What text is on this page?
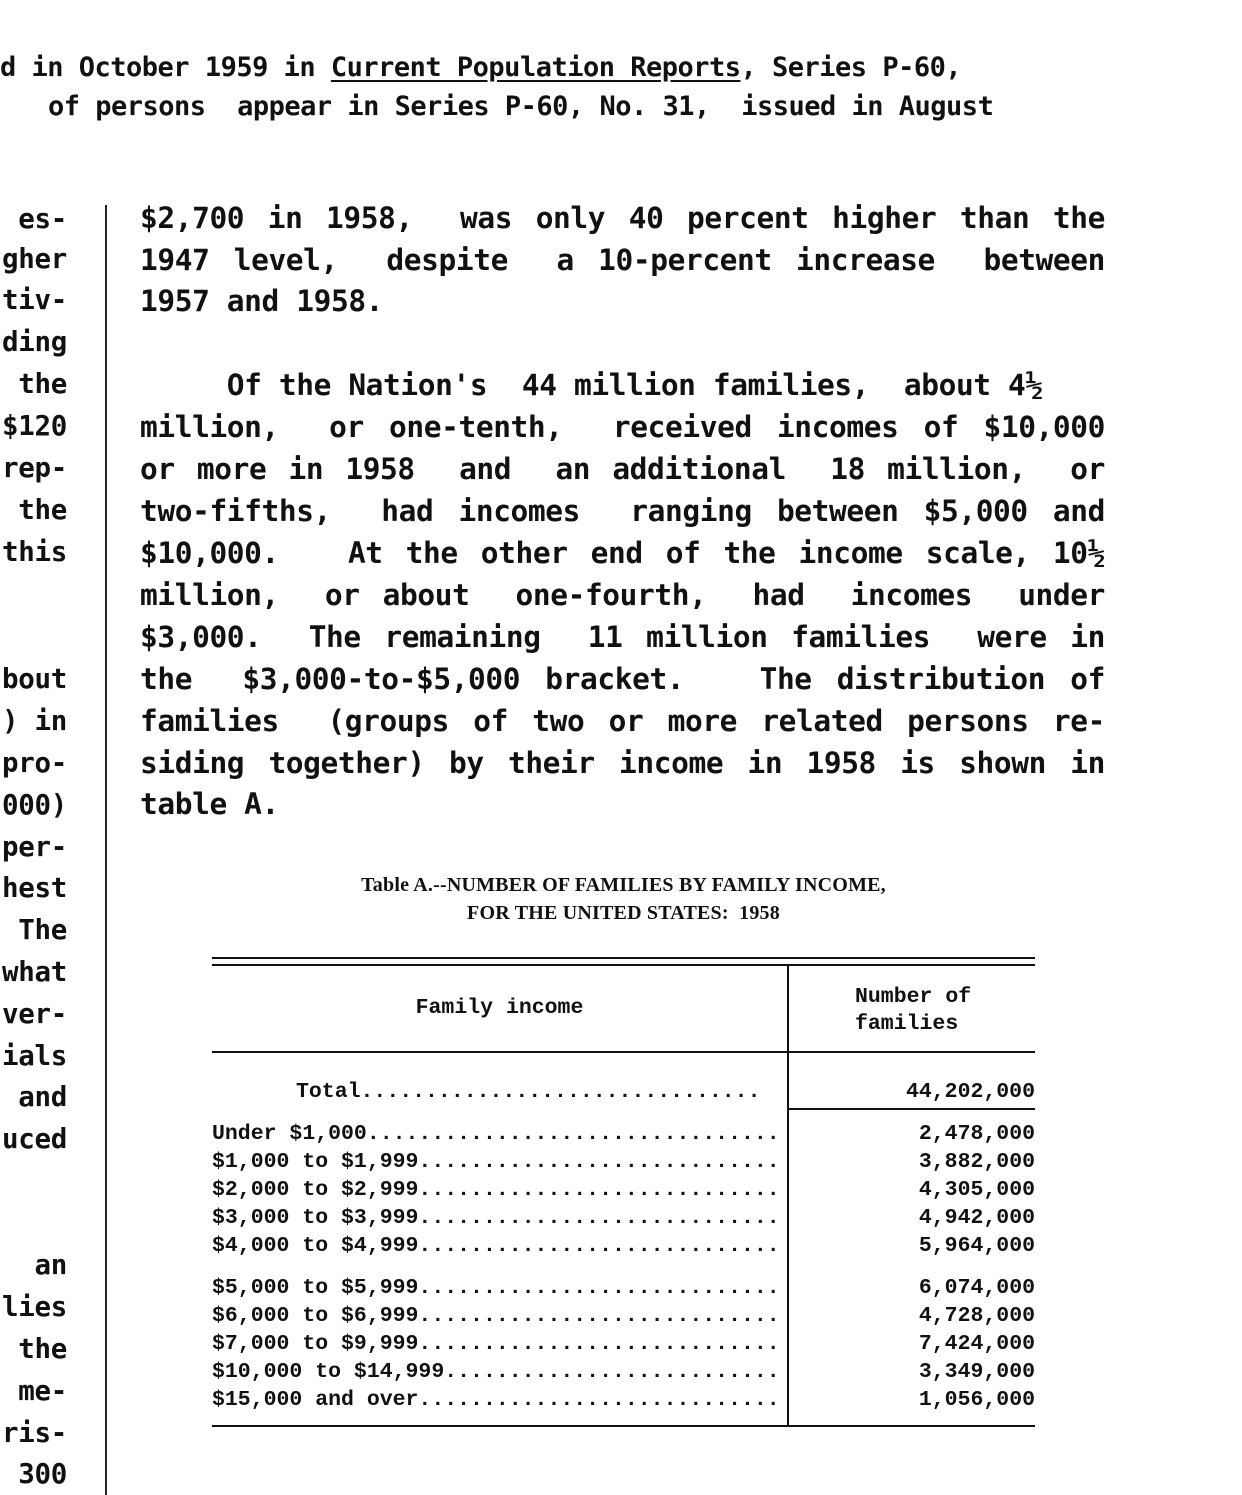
d in October 1959 in Current Population Reports, Series P-60,
of persons  appear in Series P-60, No. 31,  issued in August
es-
gher
tiv-
ding
the
$120
rep-
the
this
bout
) in
pro-
000)
per-
hest
The
what
ver-
ials
and
uced
an
lies
the
me-
ris-
300
$2,700 in 1958,  was only 40 percent higher than the
1947 level,  despite  a 10-percent increase  between
1957 and 1958.
Of the Nation's  44 million families,  about 4½
million,  or one-tenth,  received incomes of $10,000
or more in 1958  and  an additional  18 million,  or
two-fifths,  had incomes  ranging between $5,000 and
$10,000.   At the other end of the income scale, 10½
million,  or about  one-fourth,  had  incomes  under
$3,000.  The remaining  11 million families  were in
the  $3,000-to-$5,000 bracket.   The distribution of
families  (groups of two or more related persons re-
siding together) by their income in 1958 is shown in
table A.
Table A.--NUMBER OF FAMILIES BY FAMILY INCOME,
FOR THE UNITED STATES:  1958
Family income	Number of
families
Total...............................	44,202,000
Under $1,000................................	2,478,000
$1,000 to $1,999............................	3,882,000
$2,000 to $2,999............................	4,305,000
$3,000 to $3,999............................	4,942,000
$4,000 to $4,999............................	5,964,000
$5,000 to $5,999............................	6,074,000
$6,000 to $6,999............................	4,728,000
$7,000 to $9,999............................	7,424,000
$10,000 to $14,999..........................	3,349,000
$15,000 and over............................	1,056,000
